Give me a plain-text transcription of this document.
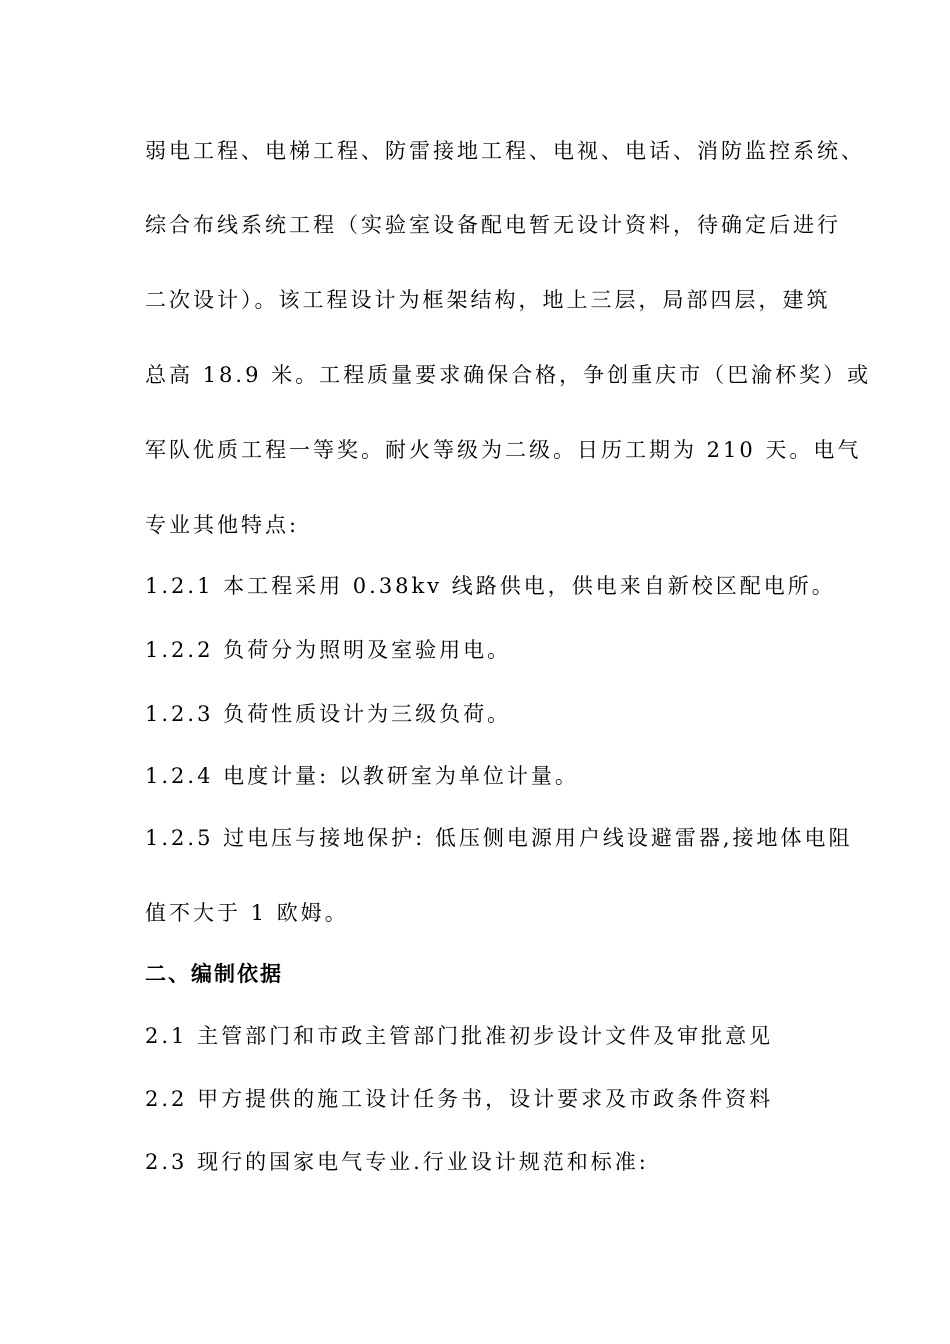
弱电工程、电梯工程、防雷接地工程、电视、电话、消防监控系统、
综合布线系统工程（实验室设备配电暂无设计资料，待确定后进行
二次设计）。该工程设计为框架结构，地上三层，局部四层，建筑
总高 18.9 米。工程质量要求确保合格，争创重庆市（巴渝杯奖）或
军队优质工程一等奖。耐火等级为二级。日历工期为 210 天。电气
专业其他特点:
1.2.1 本工程采用 0.38kv 线路供电，供电来自新校区配电所。
1.2.2 负荷分为照明及室验用电。
1.2.3 负荷性质设计为三级负荷。
1.2.4 电度计量: 以教研室为单位计量。
1.2.5 过电压与接地保护: 低压侧电源用户线设避雷器,接地体电阻
值不大于 1 欧姆。
二、编制依据
2.1 主管部门和市政主管部门批准初步设计文件及审批意见
2.2 甲方提供的施工设计任务书，设计要求及市政条件资料
2.3 现行的国家电气专业.行业设计规范和标准:
